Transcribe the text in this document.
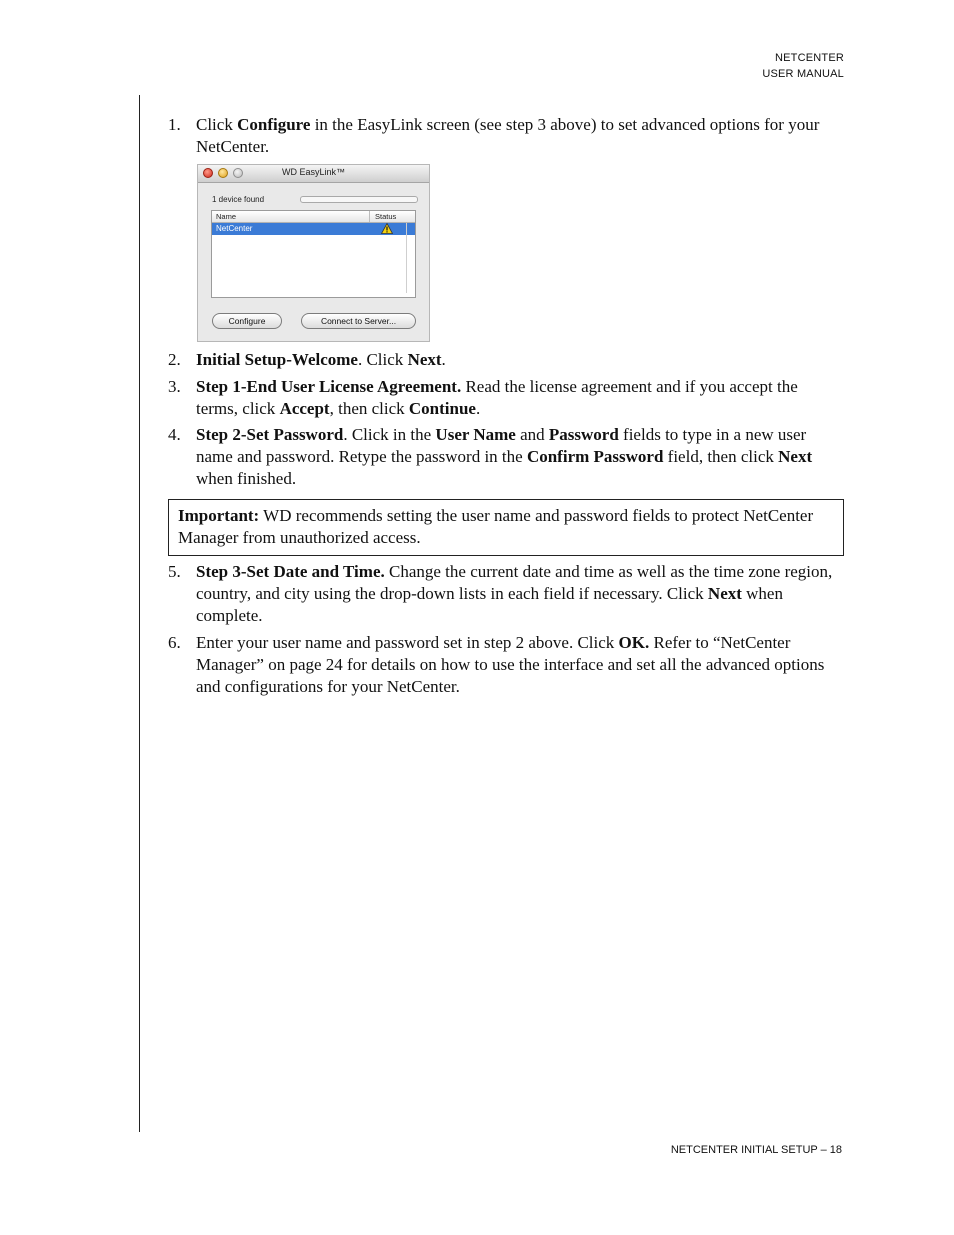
NETCENTER
USER MANUAL
1. Click Configure in the EasyLink screen (see step 3 above) to set advanced options for your NetCenter.
WD EasyLink™
1 device found
Name	Status
NetCenter
Configure	Connect to Server...
2. Initial Setup-Welcome. Click Next.
3. Step 1-End User License Agreement. Read the license agreement and if you accept the terms, click Accept, then click Continue.
4. Step 2-Set Password. Click in the User Name and Password fields to type in a new user name and password. Retype the password in the Confirm Password field, then click Next when finished.
Important: WD recommends setting the user name and password fields to protect NetCenter Manager from unauthorized access.
5. Step 3-Set Date and Time. Change the current date and time as well as the time zone region, country, and city using the drop-down lists in each field if necessary. Click Next when complete.
6. Enter your user name and password set in step 2 above. Click OK. Refer to “NetCenter Manager” on page 24 for details on how to use the interface and set all the advanced options and configurations for your NetCenter.
NETCENTER INITIAL SETUP – 18
